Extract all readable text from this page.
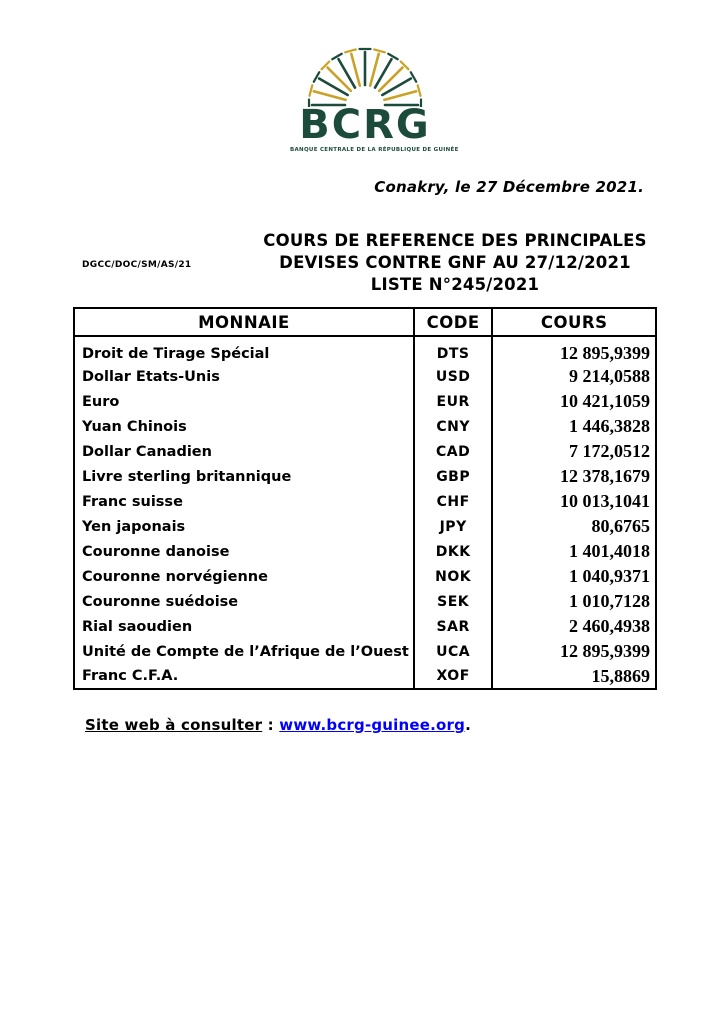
BCRG
BANQUE CENTRALE DE LA RÉPUBLIQUE DE GUINÉE
Conakry, le 27 Décembre 2021.
DGCC/DOC/SM/AS/21
COURS DE REFERENCE DES PRINCIPALES
DEVISES CONTRE GNF AU 27/12/2021
LISTE N°245/2021
MONNAIE	CODE	COURS
Droit de Tirage Spécial	DTS	12 895,9399
Dollar Etats-Unis	USD	9 214,0588
Euro	EUR	10 421,1059
Yuan Chinois	CNY	1 446,3828
Dollar Canadien	CAD	7 172,0512
Livre sterling britannique	GBP	12 378,1679
Franc suisse	CHF	10 013,1041
Yen japonais	JPY	80,6765
Couronne danoise	DKK	1 401,4018
Couronne norvégienne	NOK	1 040,9371
Couronne suédoise	SEK	1 010,7128
Rial saoudien	SAR	2 460,4938
Unité de Compte de l’Afrique de l’Ouest	UCA	12 895,9399
Franc C.F.A.	XOF	15,8869
Site web à consulter : www.bcrg-guinee.org.
